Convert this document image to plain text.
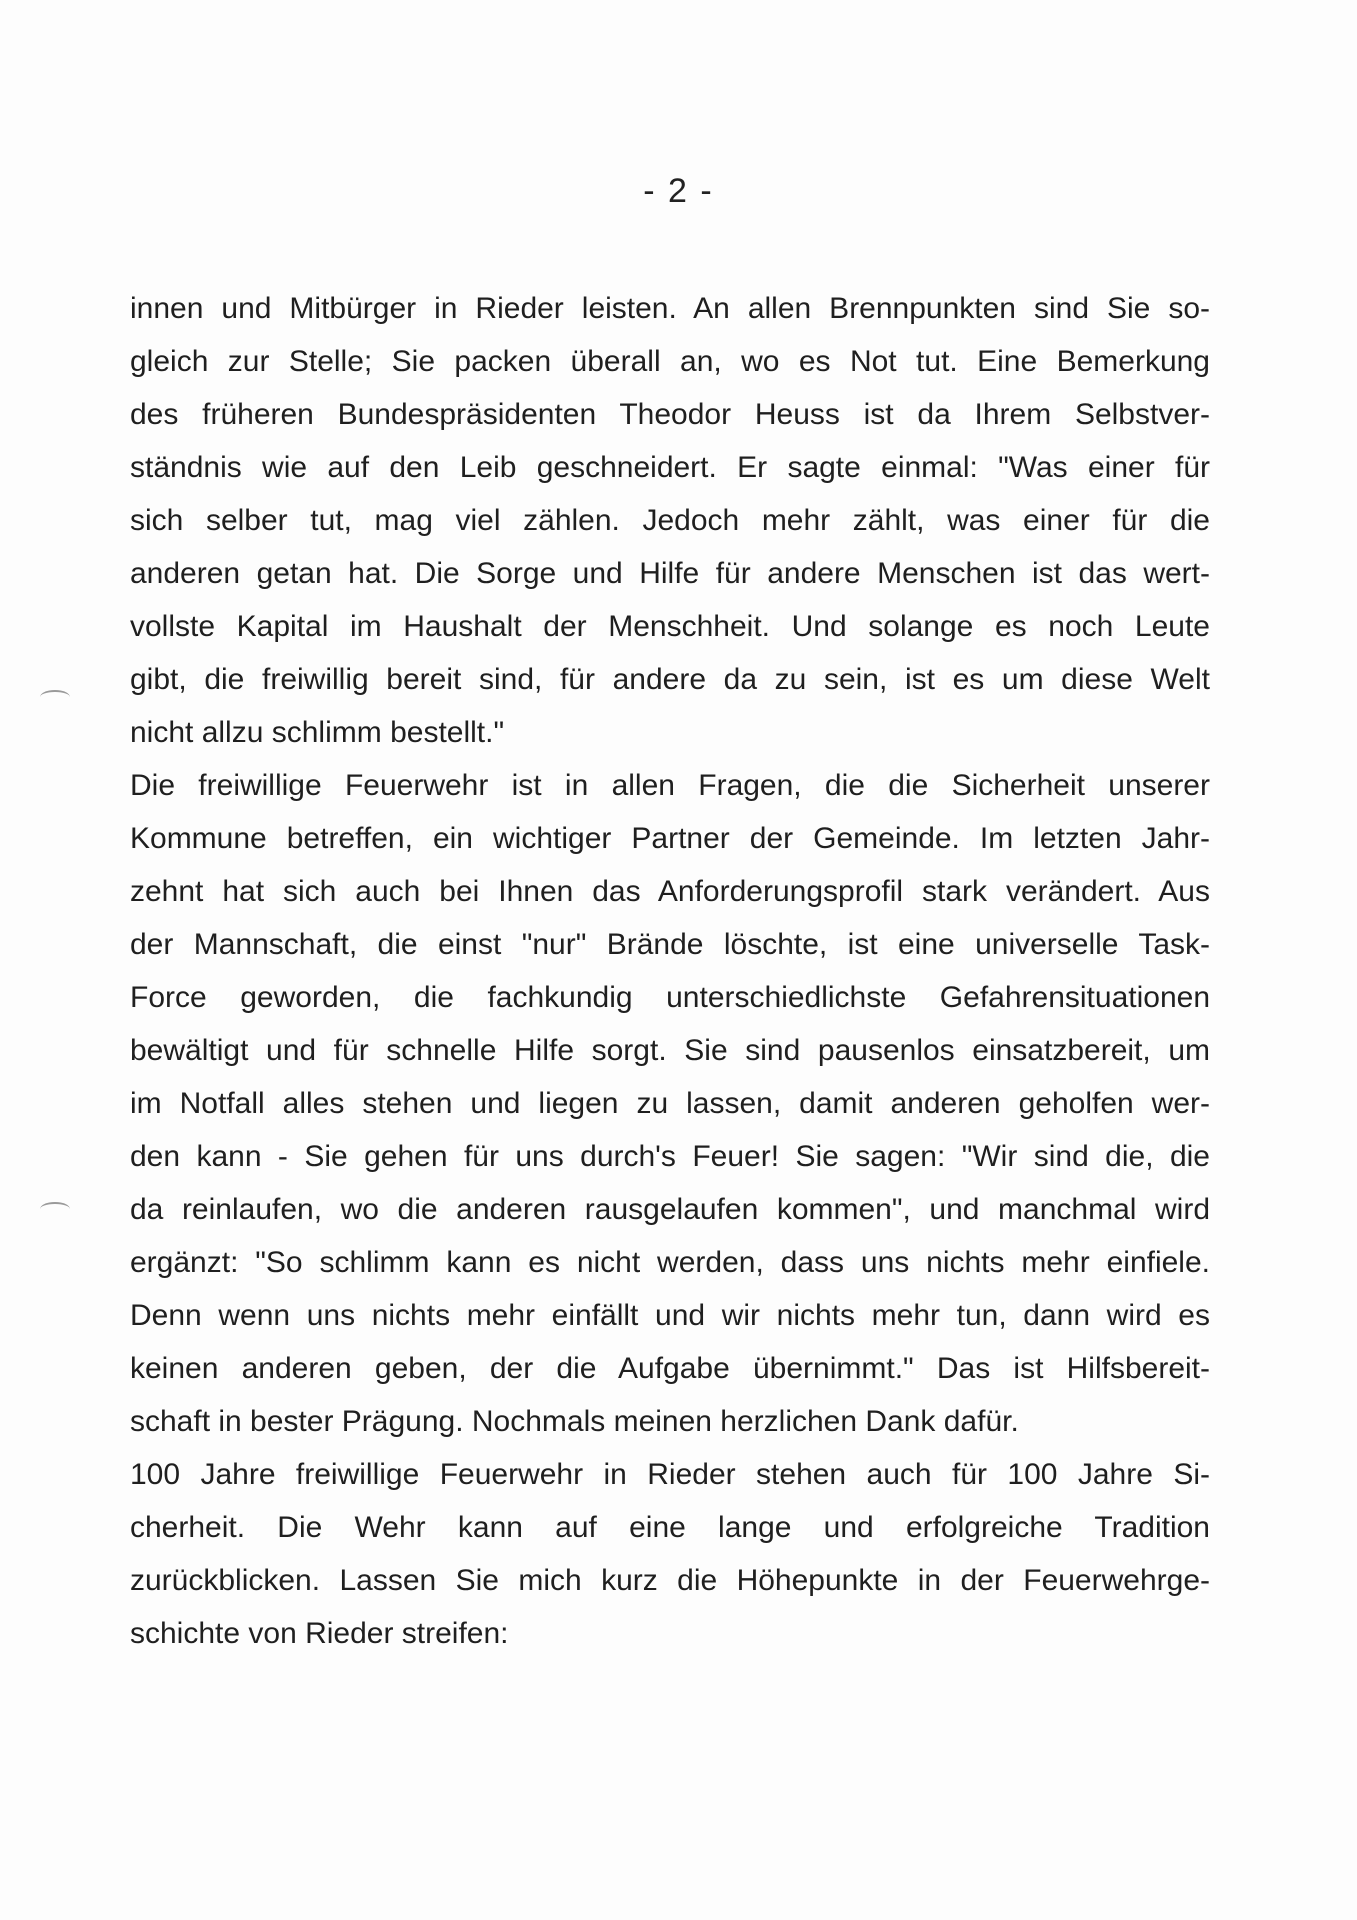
- 2 -
innen und Mitbürger in Rieder leisten. An allen Brennpunkten sind Sie so-
gleich zur Stelle; Sie packen überall an, wo es Not tut. Eine Bemerkung
des früheren Bundespräsidenten Theodor Heuss ist da Ihrem Selbstver-
ständnis wie auf den Leib geschneidert. Er sagte einmal: "Was einer für
sich selber tut, mag viel zählen. Jedoch mehr zählt, was einer für die
anderen getan hat. Die Sorge und Hilfe für andere Menschen ist das wert-
vollste Kapital im Haushalt der Menschheit. Und solange es noch Leute
gibt, die freiwillig bereit sind, für andere da zu sein, ist es um diese Welt
nicht allzu schlimm bestellt."
Die freiwillige Feuerwehr ist in allen Fragen, die die Sicherheit unserer
Kommune betreffen, ein wichtiger Partner der Gemeinde. Im letzten Jahr-
zehnt hat sich auch bei Ihnen das Anforderungsprofil stark verändert. Aus
der Mannschaft, die einst "nur" Brände löschte, ist eine universelle Task-
Force geworden, die fachkundig unterschiedlichste Gefahrensituationen
bewältigt und für schnelle Hilfe sorgt. Sie sind pausenlos einsatzbereit, um
im Notfall alles stehen und liegen zu lassen, damit anderen geholfen wer-
den kann - Sie gehen für uns durch's Feuer! Sie sagen: "Wir sind die, die
da reinlaufen, wo die anderen rausgelaufen kommen", und manchmal wird
ergänzt: "So schlimm kann es nicht werden, dass uns nichts mehr einfiele.
Denn wenn uns nichts mehr einfällt und wir nichts mehr tun, dann wird es
keinen anderen geben, der die Aufgabe übernimmt." Das ist Hilfsbereit-
schaft in bester Prägung. Nochmals meinen herzlichen Dank dafür.
100 Jahre freiwillige Feuerwehr in Rieder stehen auch für 100 Jahre Si-
cherheit. Die Wehr kann auf eine lange und erfolgreiche Tradition
zurückblicken. Lassen Sie mich kurz die Höhepunkte in der Feuerwehrge-
schichte von Rieder streifen:
